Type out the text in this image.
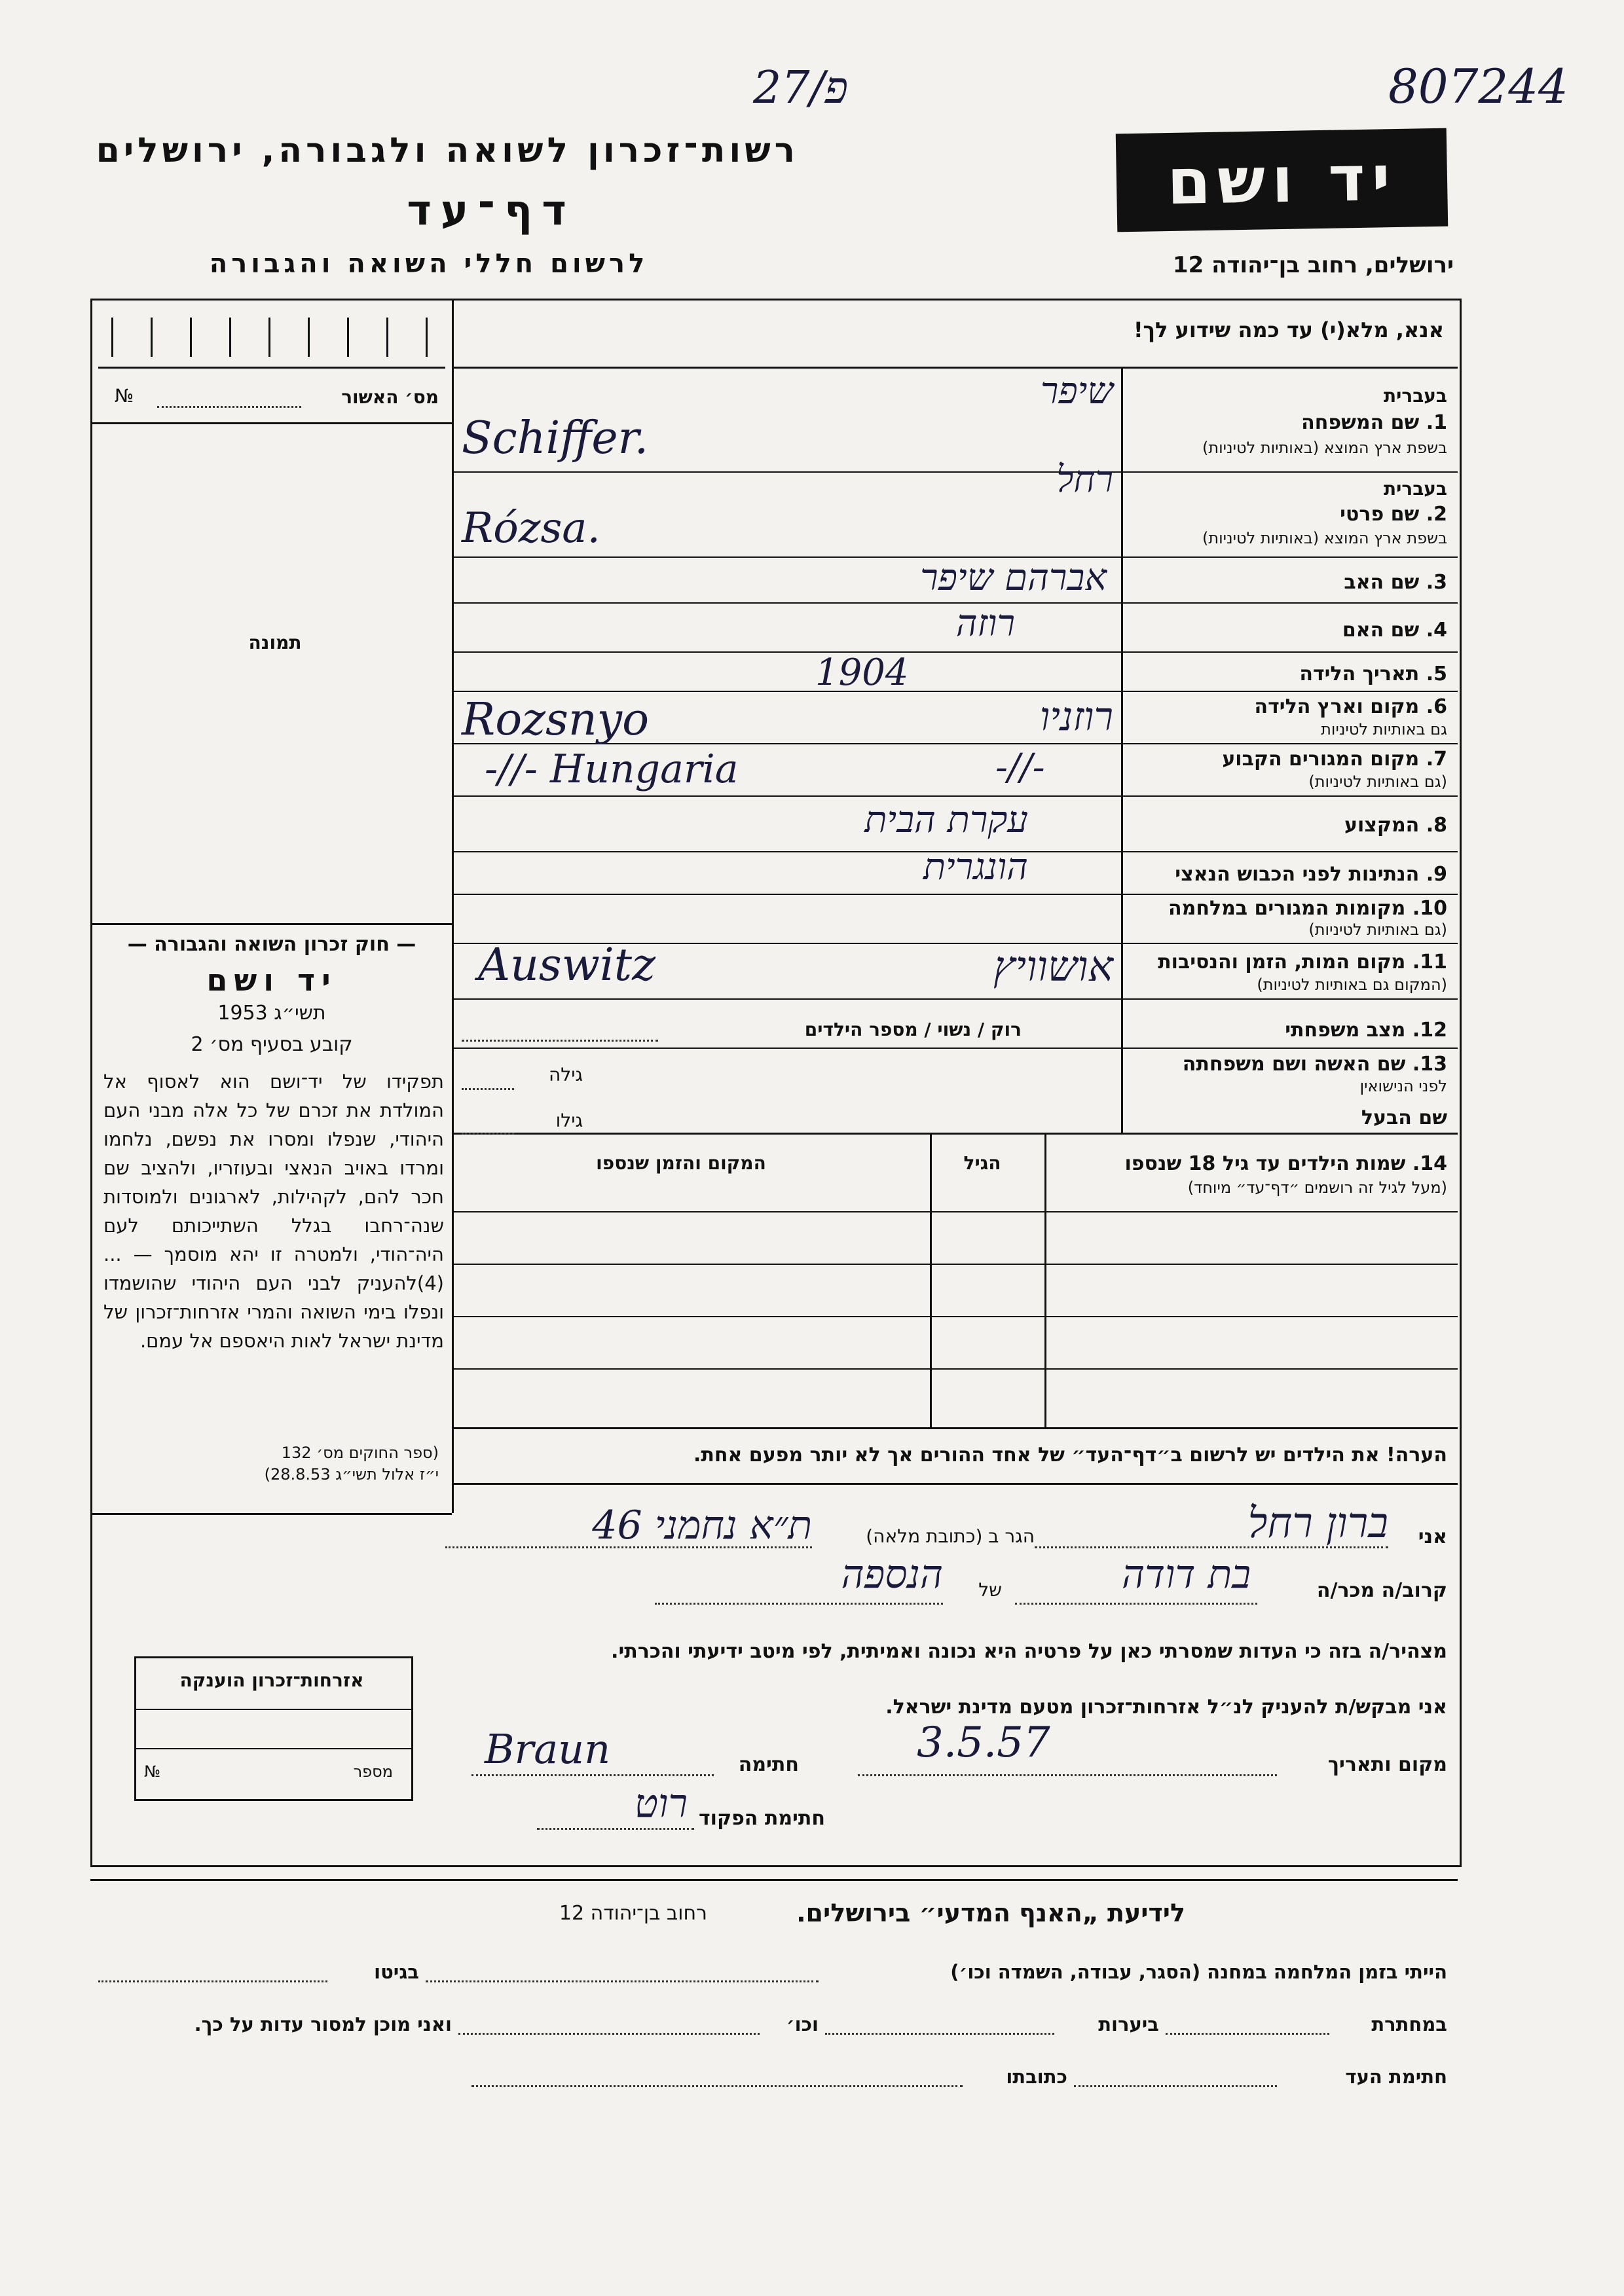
פ/27	807244
רשות־זכרון לשואה ולגבורה, ירושלים
דף־עד
לרשום חללי השואה והגבורה
יד ושם
ירושלים, רחוב בן־יהודה 12
אנא, מלא(י) עד כמה שידוע לך!
מס׳ האשור
№
תמונה
בעברית
1. שם המשפחה
בשפת ארץ המוצא (באותיות לטיניות)
שיפר
Schiffer.
בעברית
2. שם פרטי
בשפת ארץ המוצא (באותיות לטיניות)
רחל
Rózsa.
3. שם האב
אברהם שיפר
4. שם האם
רוזה
5. תאריך הלידה
1904
6. מקום וארץ הלידה
גם באותיות לטיניות
רוזניו
Rozsnyo
7. מקום המגורים הקבוע
(גם באותיות לטיניות)
-//-
-//- Hungaria
8. המקצוע
עקרת הבית
9. הנתינות לפני הכבוש הנאצי
הונגרית
10. מקומות המגורים במלחמה
(גם באותיות לטיניות)
11. מקום המות, הזמן והנסיבות
(המקום גם באותיות לטיניות)
אושוויץ
Auswitz
12. מצב משפחתי
רוק / נשוי / מספר הילדים
13. שם האשה ושם משפחתה
לפני הנישואין
גילה
שם הבעל
גילו
14. שמות הילדים עד גיל 18 שנספו
(מעל לגיל זה רושמים ״דף־עד״ מיוחד)
הגיל
המקום והזמן שנספו
הערה! את הילדים יש לרשום ב״דף־העד״ של אחד ההורים אך לא יותר מפעם אחת.
— חוק זכרון השואה והגבורה —
יד ושם
תשי״ג 1953
קובע בסעיף מס׳ 2
תפקידו של יד־ושם הוא לאסוף אל המולדת את זכרם של כל אלה מבני העם היהודי, שנפלו ומסרו את נפשם, נלחמו ומרדו באויב הנאצי ובעוזריו, ולהציב שם חכר להם, לקהילות, לארגונים ולמוסדות שנה־רחבו בגלל השתייכותם לעם היה־הודי, ולמטרה זו יהא מוסמך — ...(4)להעניק לבני העם היהודי שהושמדו ונפלו בימי השואה והמרי אזרחות־זכרון של מדינת ישראל לאות היאספם אל עמם.
(ספר החוקים מס׳ 132
י״ז אלול תשי״ג 28.8.53)
אזרחות־זכרון הוענקה
מספר
№
אני
ברון רחל
הגר ב (כתובת מלאה)
ת״א נחמני 46
קרוב/ה מכר/ה
בת דודה
של
הנספה
מצהיר/ה בזה כי העדות שמסרתי כאן על פרטיה היא נכונה ואמיתית, לפי מיטב ידיעתי והכרתי.
אני מבקש/ת להעניק לנ״ל אזרחות־זכרון מטעם מדינת ישראל.
מקום ותאריך
3.5.57
חתימה
Braun
חתימת הפקוד
רוט
לידיעת „האנף המדעי״ בירושלים.
רחוב בן־יהודה 12
הייתי בזמן המלחמה במחנה (הסגר, עבודה, השמדה וכו׳)
בגיטו
במחתרת
ביערות
וכו׳
ואני מוכן למסור עדות על כך.
חתימת העד
כתובתו
